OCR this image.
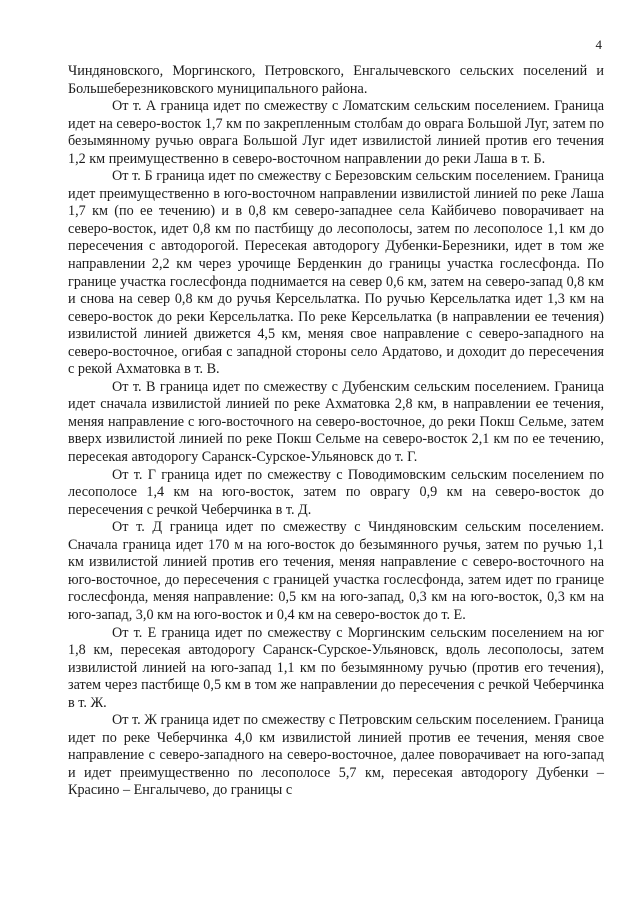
4

Чиндяновского, Моргинского, Петровского, Енгалычевского сельских поселений и Большеберезниковского муниципального района.

От т. А граница идет по смежеству с Ломатским сельским поселением. Граница идет на северо-восток 1,7 км по закрепленным столбам до оврага Большой Луг, затем по безымянному ручью оврага Большой Луг идет извилистой линией против его течения 1,2 км преимущественно в северо-восточном направлении до реки Лаша в т. Б.

От т. Б граница идет по смежеству с Березовским сельским поселением. Граница идет преимущественно в юго-восточном направлении извилистой линией по реке Лаша 1,7 км (по ее течению) и в 0,8 км северо-западнее села Кайбичево поворачивает на северо-восток, идет 0,8 км по пастбищу до лесополосы, затем по лесополосе 1,1 км до пересечения с автодорогой. Пересекая автодорогу Дубенки-Березники, идет в том же направлении 2,2 км через урочище Берденкин до границы участка гослесфонда. По границе участка гослесфонда поднимается на север 0,6 км, затем на северо-запад 0,8 км и снова на север 0,8 км до ручья Керсельлатка. По ручью Керсельлатка идет 1,3 км на северо-восток до реки Керсельлатка. По реке Керсельлатка (в направлении ее течения) извилистой линией движется 4,5 км, меняя свое направление с северо-западного на северо-восточное, огибая с западной стороны село Ардатово, и доходит до пересечения с рекой Ахматовка в т. В.

От т. В граница идет по смежеству с Дубенским сельским поселением. Граница идет сначала извилистой линией по реке Ахматовка 2,8 км, в направлении ее течения, меняя направление с юго-восточного на северо-восточное, до реки Покш Сельме, затем вверх извилистой линией по реке Покш Сельме на северо-восток 2,1 км по ее течению, пересекая автодорогу Саранск-Сурское-Ульяновск до т. Г.

От т. Г граница идет по смежеству с Поводимовским сельским поселением по лесополосе 1,4 км на юго-восток, затем по оврагу 0,9 км на северо-восток до пересечения с речкой Чеберчинка в т. Д.

От т. Д граница идет по смежеству с Чиндяновским сельским поселением. Сначала граница идет 170 м на юго-восток до безымянного ручья, затем по ручью 1,1 км извилистой линией против его течения, меняя направление с северо-восточного на юго-восточное, до пересечения с границей участка гослесфонда, затем идет по границе гослесфонда, меняя направление: 0,5 км на юго-запад, 0,3 км на юго-восток, 0,3 км на юго-запад, 3,0 км на юго-восток и 0,4 км на северо-восток до т. Е.

От т. Е граница идет по смежеству с Моргинским сельским поселением на юг 1,8 км, пересекая автодорогу Саранск-Сурское-Ульяновск, вдоль лесополосы, затем извилистой линией на юго-запад 1,1 км по безымянному ручью (против его течения), затем через пастбище 0,5 км в том же направлении до пересечения с речкой Чеберчинка в т. Ж.

От т. Ж граница идет по смежеству с Петровским сельским поселением. Граница идет по реке Чеберчинка 4,0 км извилистой линией против ее течения, меняя свое направление с северо-западного на северо-восточное, далее поворачивает на юго-запад и идет преимущественно по лесополосе 5,7 км, пересекая автодорогу Дубенки – Красино – Енгалычево, до границы с
